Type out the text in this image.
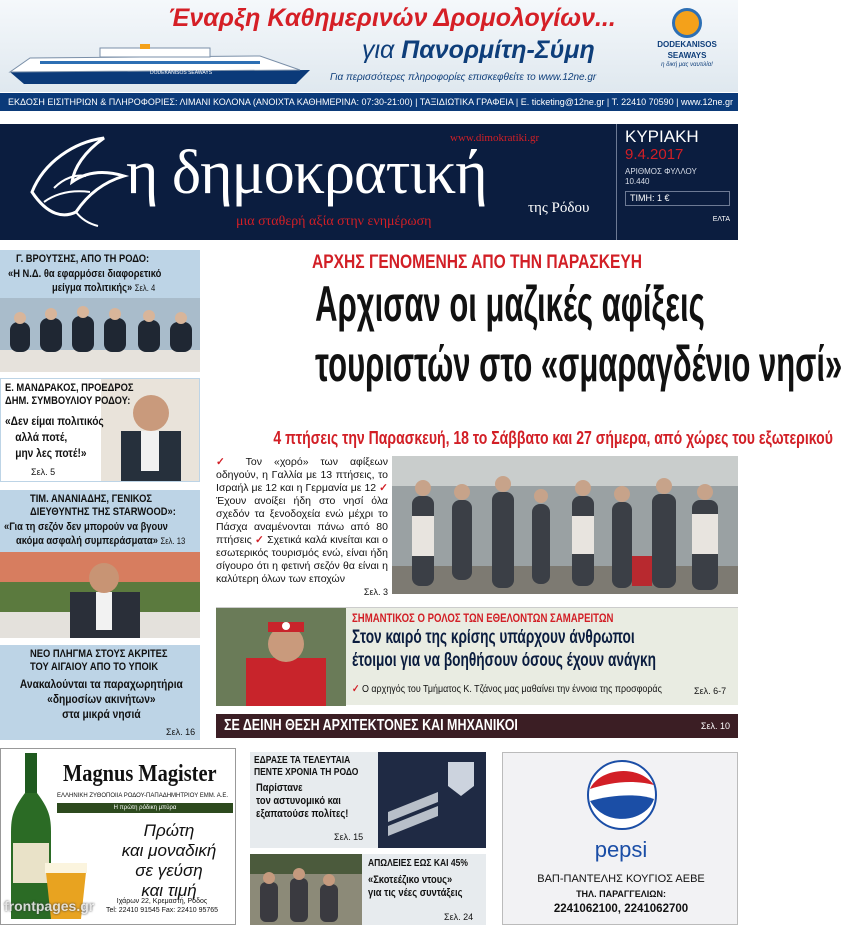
DODEKANISOS SEAWAYS
Έναρξη Καθημερινών Δρομολογίων...
για Πανορμίτη-Σύμη
Για περισσότερες πληροφορίες επισκεφθείτε το www.12ne.gr
DODEKANISOS
SEAWAYS
η δική μας ναυτιλία!
ΕΚΔΟΣΗ ΕΙΣΙΤΗΡΙΩΝ & ΠΛΗΡΟΦΟΡΙΕΣ: ΛΙΜΑΝΙ ΚΟΛΟΝΑ (ΑΝΟΙΧΤΑ ΚΑΘΗΜΕΡΙΝΑ: 07:30-21:00) | ΤΑΞΙΔΙΩΤΙΚΑ ΓΡΑΦΕΙΑ | E. ticketing@12ne.gr | T. 22410 70590 | www.12ne.gr
η δημοκρατική
www.dimokratiki.gr
μια σταθερή αξία στην ενημέρωση
της Ρόδου
ΚΥΡΙΑΚΗ
9.4.2017
ΑΡΙΘΜΟΣ ΦΥΛΛΟΥ
10.440
ΤΙΜΗ: 1 €
ΕΛΤΑ
Γ. ΒΡΟΥΤΣΗΣ, ΑΠΟ ΤΗ ΡΟΔΟ:
«Η Ν.Δ. θα εφαρμόσει διαφορετικό
μείγμα πολιτικής» Σελ. 4
Ε. ΜΑΝΔΡΑΚΟΣ, ΠΡΟΕΔΡΟΣ
ΔΗΜ. ΣΥΜΒΟΥΛΙΟΥ ΡΟΔΟΥ:
«Δεν είμαι πολιτικός
αλλά ποτέ,
μην λες ποτέ!»
Σελ. 5
ΤΙΜ. ΑΝΑΝΙΑΔΗΣ, ΓΕΝΙΚΟΣ
ΔΙΕΥΘΥΝΤΗΣ ΤΗΣ STARWOOD»:
«Για τη σεζόν δεν μπορούν να βγουν
ακόμα ασφαλή συμπεράσματα» Σελ. 13
ΝΕΟ ΠΛΗΓΜΑ ΣΤΟΥΣ ΑΚΡΙΤΕΣ
ΤΟΥ ΑΙΓΑΙΟΥ ΑΠΟ ΤΟ ΥΠΟΙΚ
Ανακαλούνται τα παραχωρητήρια
«δημοσίων ακινήτων»
στα μικρά νησιά
Σελ. 16
ΑΡΧΗΣ ΓΕΝΟΜΕΝΗΣ ΑΠΟ ΤΗΝ ΠΑΡΑΣΚΕΥΗ
Αρχισαν οι μαζικές αφίξεις
τουριστών στο «σμαραγδένιο νησί»
4 πτήσεις την Παρασκευή, 18 το Σάββατο και 27 σήμερα, από χώρες του εξωτερικού
✓ Τον «χορό» των αφίξεων οδηγούν, η Γαλλία με 13 πτήσεις, το Ισραήλ με 12 και η Γερμανία με 12 ✓ Έχουν ανοίξει ήδη στο νησί όλα σχεδόν τα ξενοδοχεία ενώ μέχρι το Πάσχα αναμένονται πάνω από 80 πτήσεις ✓ Σχετικά καλά κινείται και ο εσωτερικός τουρισμός ενώ, είναι ήδη σίγουρο ότι η φετινή σεζόν θα είναι η καλύτερη όλων των εποχών
Σελ. 3
ΣΗΜΑΝΤΙΚΟΣ Ο ΡΟΛΟΣ ΤΩΝ ΕΘΕΛΟΝΤΩΝ ΣΑΜΑΡΕΙΤΩΝ
Στον καιρό της κρίσης υπάρχουν άνθρωποι
έτοιμοι για να βοηθήσουν όσους έχουν ανάγκη
✓ Ο αρχηγός του Τμήματος Κ. Τζάνος μας μαθαίνει την έννοια της προσφοράς	Σελ. 6-7
ΣΕ ΔΕΙΝΗ ΘΕΣΗ ΑΡΧΙΤΕΚΤΟΝΕΣ ΚΑΙ ΜΗΧΑΝΙΚΟΙ	Σελ. 10
Magnus Magister
ΕΛΛΗΝΙΚΗ ΖΥΘΟΠΟΙΙΑ ΡΟΔΟΥ-ΠΑΠΑΔΗΜΗΤΡΙΟΥ ΕΜΜ. Α.Ε.
Η πρώτη ρόδικη μπύρα
Πρώτη
και μοναδική
σε γεύση
και τιμή
Ιχάρων 22, Κρεμαστή, Ρόδος
Tel: 22410 91545 Fax: 22410 95765
ΕΔΡΑΣΕ ΤΑ ΤΕΛΕΥΤΑΙΑ
ΠΕΝΤΕ ΧΡΟΝΙΑ ΤΗ ΡΟΔΟ
Παρίστανε
τον αστυνομικό και
εξαπατούσε πολίτες!
Σελ. 15
ΑΠΩΛΕΙΕΣ ΕΩΣ ΚΑΙ 45%
«Σκοτεέζικο ντους»
για τις νέες συντάξεις
Σελ. 24
pepsi
ΒΑΠ-ΠΑΝΤΕΛΗΣ ΚΟΥΓΙΟΣ ΑΕΒΕ
ΤΗΛ. ΠΑΡΑΓΓΕΛΙΩΝ:
2241062100, 2241062700
frontpages.gr
